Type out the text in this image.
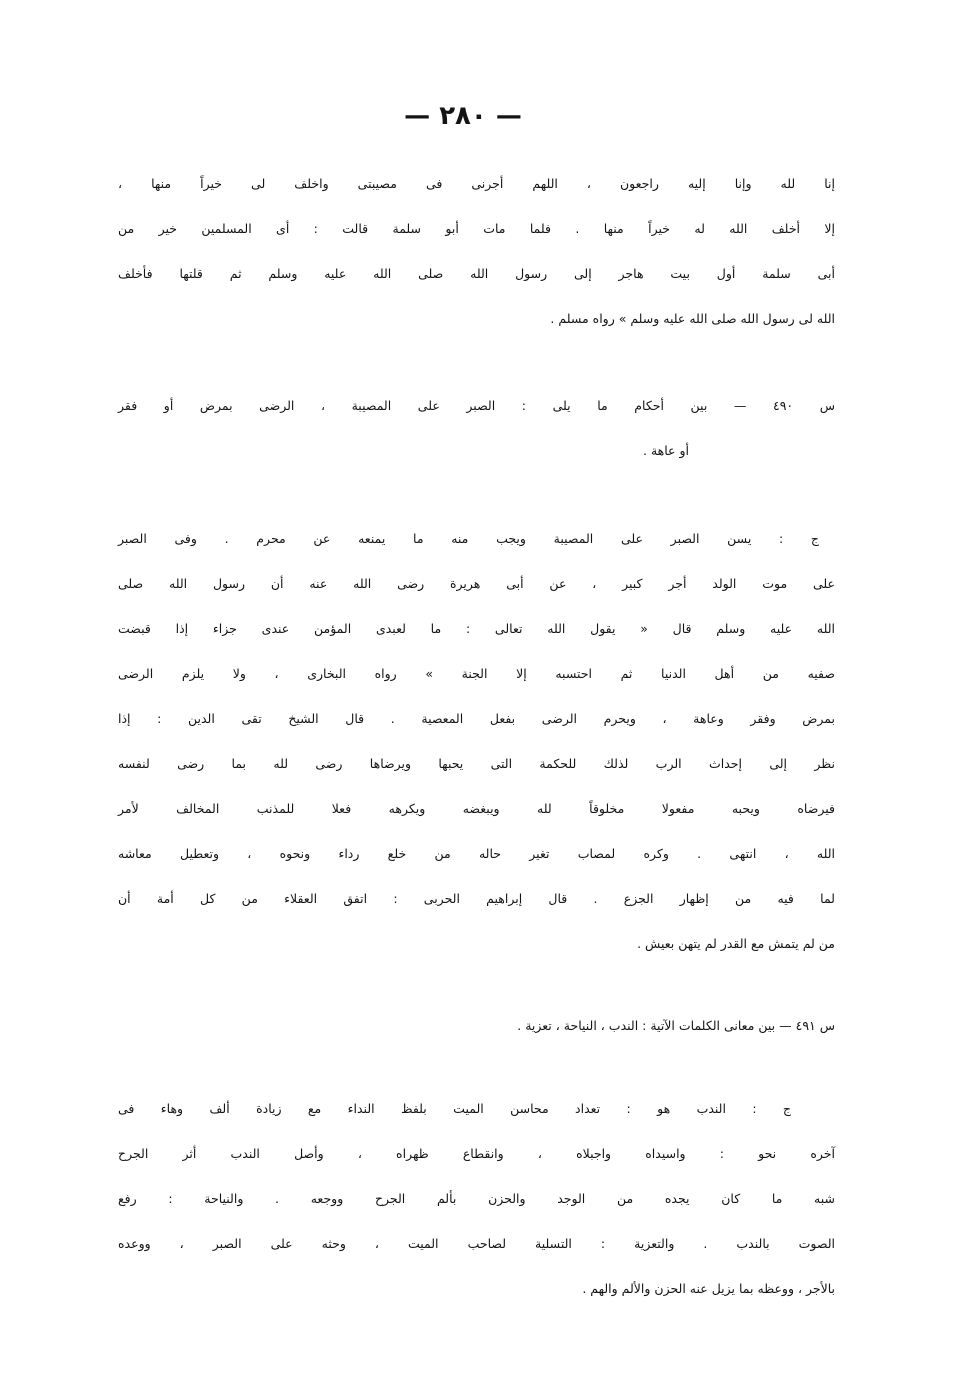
— ٢٨٠ —
إنا لله وإنا إليه راجعون ، اللهم أجرنى فى مصيبتى واخلف لى خيراً منها ،
إلا أخلف الله له خيراً منها . فلما مات أبو سلمة قالت : أى المسلمين خير من
أبى سلمة أول بيت هاجر إلى رسول الله صلى الله عليه وسلم ثم قلتها فأخلف
الله لى رسول الله صلى الله عليه وسلم » رواه مسلم .
س ٤٩٠ — بين أحكام ما يلى : الصبر على المصيبة ، الرضى بمرض أو فقر
أو عاهة .
ج : يسن الصبر على المصيبة ويجب منه ما يمنعه عن محرم . وفى الصبر
على موت الولد أجر كبير ، عن أبى هريرة رضى الله عنه أن رسول الله صلى
الله عليه وسلم قال « يقول الله تعالى : ما لعبدى المؤمن عندى جزاء إذا قبضت
صفيه من أهل الدنيا ثم احتسبه إلا الجنة » رواه البخارى ، ولا يلزم الرضى
بمرض وفقر وعاهة ، ويحرم الرضى بفعل المعصية . قال الشيخ تقى الدين : إذا
نظر إلى إحداث الرب لذلك للحكمة التى يحبها ويرضاها رضى لله بما رضى لنفسه
فيرضاه ويحبه مفعولا مخلوقاً لله ويبغضه ويكرهه فعلا للمذنب المخالف لأمر
الله ، انتهى . وكره لمصاب تغير حاله من خلع رداء ونحوه ، وتعطيل معاشه
لما فيه من إظهار الجزع . قال إبراهيم الحربى : اتفق العقلاء من كل أمة أن
من لم يتمش مع القدر لم يتهن بعيش .
س ٤٩١ — بين معانى الكلمات الآتية : الندب ، النياحة ، تعزية .
ج : الندب هو : تعداد محاسن الميت بلفظ النداء مع زيادة ألف وهاء فى
آخره نحو : واسيداه واجبلاه ، وانقطاع ظهراه ، وأصل الندب أثر الجرح
شبه ما كان يجده من الوجد والحزن بألم الجرح ووجعه . والنياحة : رفع
الصوت بالندب . والتعزية : التسلية لصاحب الميت ، وحثه على الصبر ، ووعده
بالأجر ، ووعظه بما يزيل عنه الحزن والألم والهم .
